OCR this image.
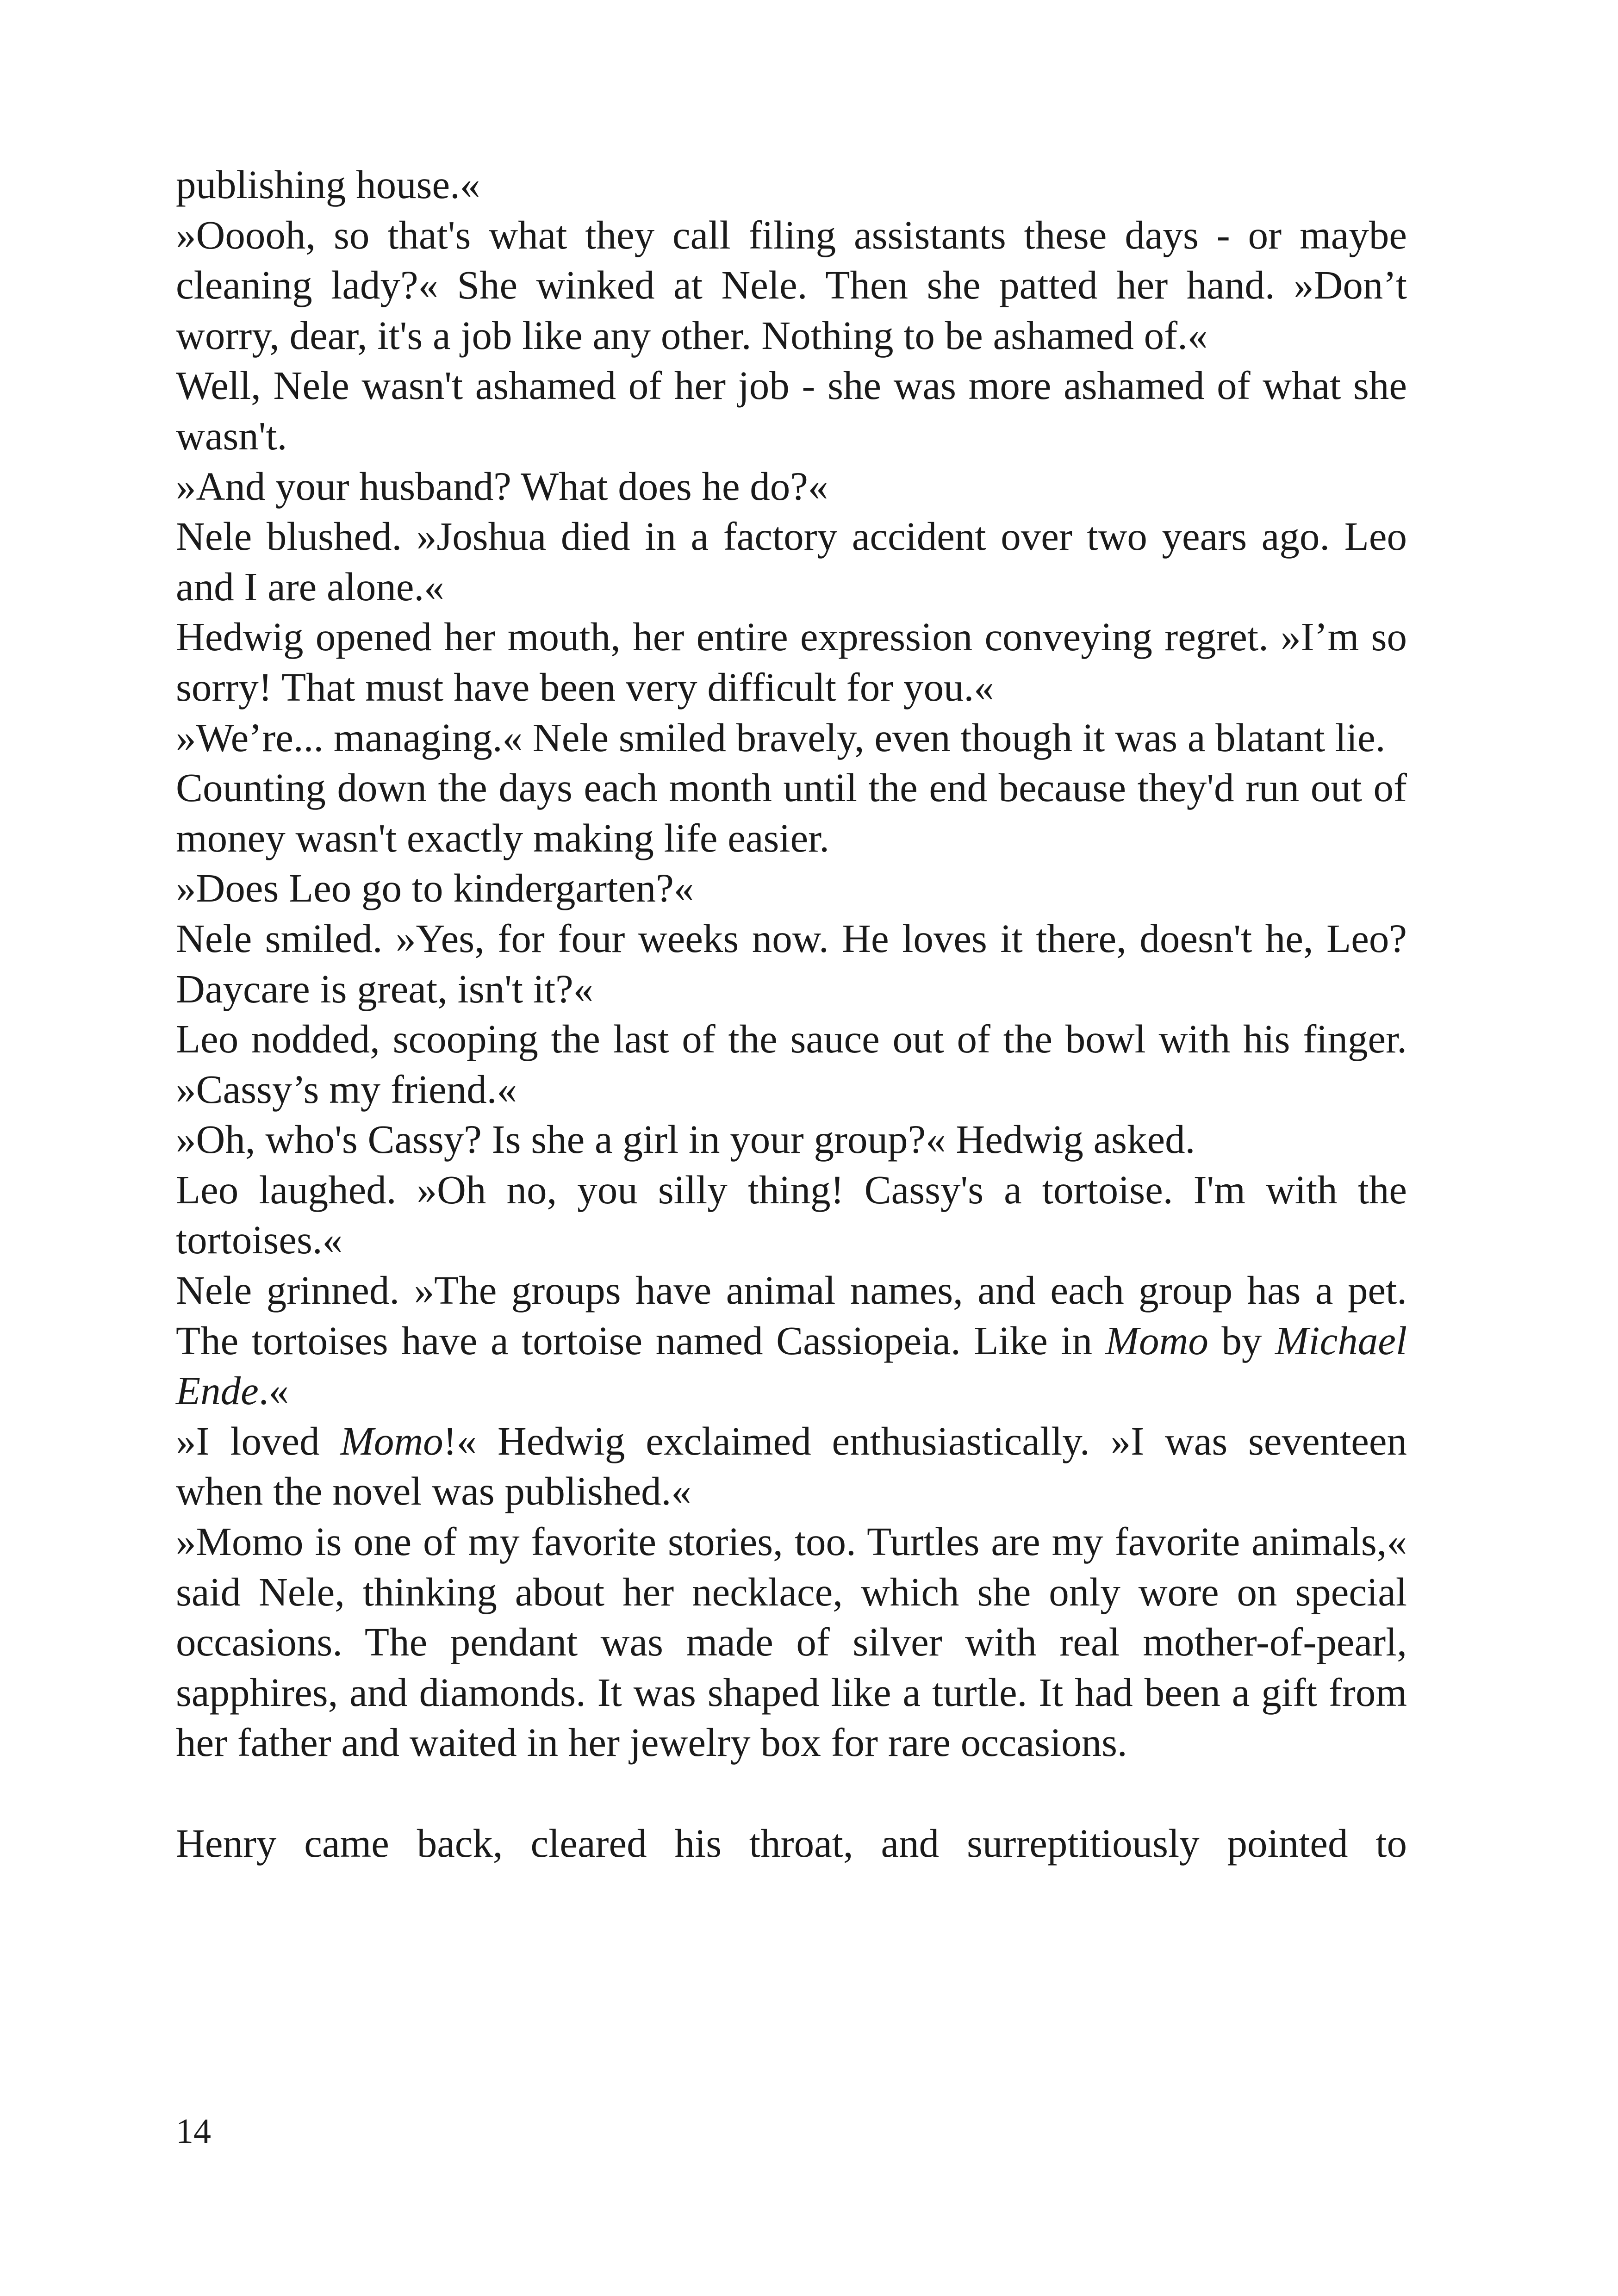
publishing house.«

»Ooooh, so that's what they call filing assistants these days - or maybe cleaning lady?« She winked at Nele. Then she patted her hand. »Don’t worry, dear, it's a job like any other. Nothing to be ashamed of.«

Well, Nele wasn't ashamed of her job - she was more ashamed of what she wasn't.

»And your husband? What does he do?«

Nele blushed. »Joshua died in a factory accident over two years ago. Leo and I are alone.«

Hedwig opened her mouth, her entire expression conveying regret. »I’m so sorry! That must have been very difficult for you.«

»We’re... managing.« Nele smiled bravely, even though it was a blatant lie.

Counting down the days each month until the end because they'd run out of money wasn't exactly making life easier.

»Does Leo go to kindergarten?«

Nele smiled. »Yes, for four weeks now. He loves it there, doesn't he, Leo? Daycare is great, isn't it?«

Leo nodded, scooping the last of the sauce out of the bowl with his finger. »Cassy’s my friend.«

»Oh, who's Cassy? Is she a girl in your group?« Hedwig asked.

Leo laughed. »Oh no, you silly thing! Cassy's a tortoise. I'm with the tortoises.«

Nele grinned. »The groups have animal names, and each group has a pet. The tortoises have a tortoise named Cassiopeia. Like in Momo by Michael Ende.«

»I loved Momo!« Hedwig exclaimed enthusiastically. »I was seventeen when the novel was published.«

»Momo is one of my favorite stories, too. Turtles are my favorite animals,« said Nele, thinking about her necklace, which she only wore on special occasions. The pendant was made of silver with real mother-of-pearl, sapphires, and diamonds. It was shaped like a turtle. It had been a gift from her father and waited in her jewelry box for rare occasions.

Henry came back, cleared his throat, and surreptitiously pointed to

14
